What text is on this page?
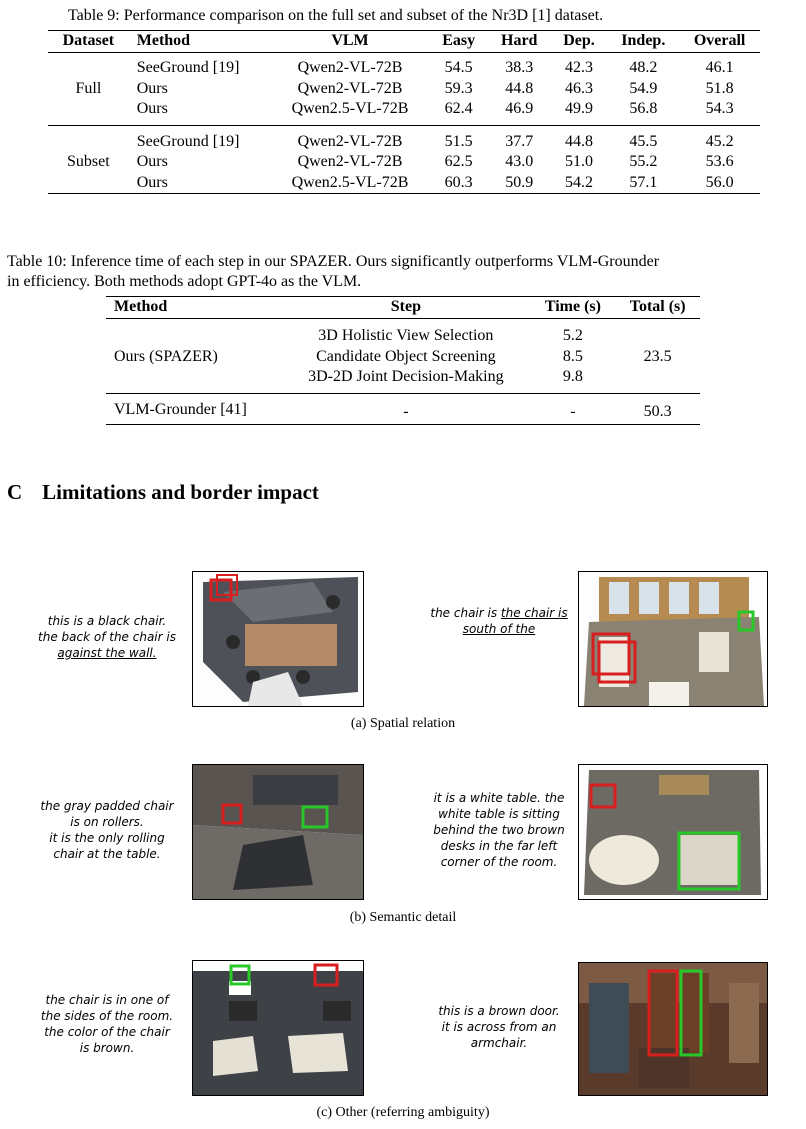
Table 9: Performance comparison on the full set and subset of the Nr3D [1] dataset.
Dataset	Method	VLM	Easy	Hard	Dep.	Indep.	Overall

Full	SeeGround [19]	Qwen2-VL-72B	54.5	38.3	42.3	48.2	46.1
	Ours	Qwen2-VL-72B	59.3	44.8	46.3	54.9	51.8
	Ours	Qwen2.5-VL-72B	62.4	46.9	49.9	56.8	54.3

Subset	SeeGround [19]	Qwen2-VL-72B	51.5	37.7	44.8	45.5	45.2
	Ours	Qwen2-VL-72B	62.5	43.0	51.0	55.2	53.6
	Ours	Qwen2.5-VL-72B	60.3	50.9	54.2	57.1	56.0
Table 10: Inference time of each step in our SPAZER. Ours significantly outperforms VLM-Grounder
in efficiency. Both methods adopt GPT-4o as the VLM.
Method	Step	Time (s)	Total (s)

Ours (SPAZER)	3D Holistic View Selection	5.2	23.5
	Candidate Object Screening	8.5	
	3D-2D Joint Decision-Making	9.8	

VLM-Grounder [41]	-	-	50.3
C Limitations and border impact
this is a black chair.
the back of the chair is
against the wall.
the chair is the chair is south of the
(a) Spatial relation
the gray padded chair
is on rollers.
it is the only rolling
chair at the table.
it is a white table. the
white table is sitting
behind the two brown
desks in the far left
corner of the room.
(b) Semantic detail
the chair is in one of
the sides of the room.
the color of the chair
is brown.
this is a brown door.
it is across from an
armchair.
(c) Other (referring ambiguity)
